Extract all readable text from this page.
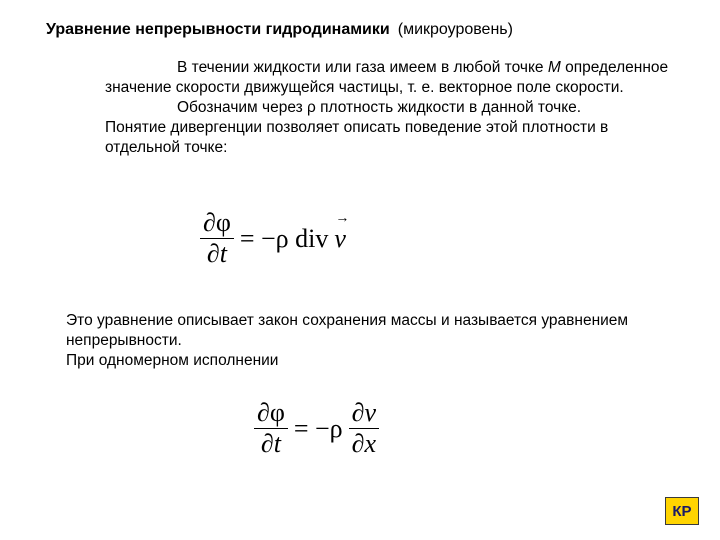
Уравнение непрерывности гидродинамики (микроуровень)

В течении жидкости или газа имеем в любой точке M определенное значение скорости движущейся частицы, т. е. векторное поле скорости.

Обозначим через ρ плотность жидкости в данной точке.

Понятие дивергенции позволяет описать поведение этой плотности в отдельной точке:

$\frac{\partial\varphi}{\partial t} = -\rho$ div
→ v

Это уравнение описывает закон сохранения массы и называется уравнением непрерывности.

При одномерном исполнении

$\frac{\partial\varphi}{\partial t} = -\rho \frac{\partial v}{\partial x}$
КР
